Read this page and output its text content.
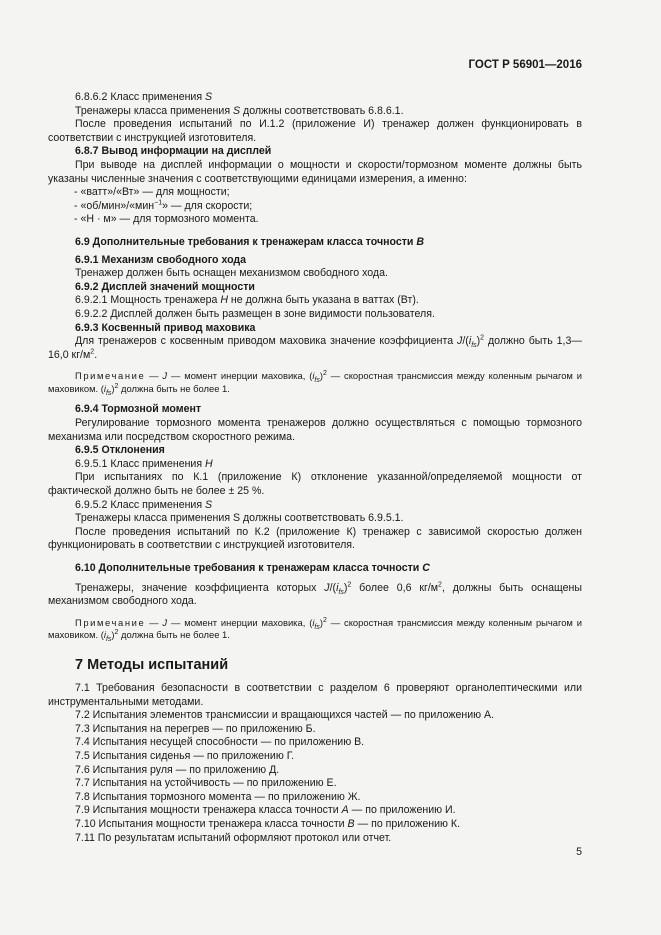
ГОСТ Р 56901—2016

6.8.6.2 Класс применения S

Тренажеры класса применения S должны соответствовать 6.8.6.1.

После проведения испытаний по И.1.2 (приложение И) тренажер должен функционировать в соответствии с инструкцией изготовителя.

6.8.7 Вывод информации на дисплей

При выводе на дисплей информации о мощности и скорости/тормозном моменте должны быть указаны численные значения с соответствующими единицами измерения, а именно:

- «ватт»/«Вт» — для мощности;

- «об/мин»/«мин$^{-1}$» — для скорости;

- «Н · м» — для тормозного момента.

6.9 Дополнительные требования к тренажерам класса точности B

6.9.1 Механизм свободного хода

Тренажер должен быть оснащен механизмом свободного хода.

6.9.2 Дисплей значений мощности

6.9.2.1 Мощность тренажера H не должна быть указана в ваттах (Вт).

6.9.2.2 Дисплей должен быть размещен в зоне видимости пользователя.

6.9.3 Косвенный привод маховика

Для тренажеров с косвенным приводом маховика значение коэффициента $J/(i_{fs})^2$ должно быть 1,3—16,0 $кг/м^2$.

Примечание — J — момент инерции маховика, $(i_{fs})^2$ — скоростная трансмиссия между коленным рычагом и маховиком. $(i_{fs})^2$ должна быть не более 1.

6.9.4 Тормозной момент

Регулирование тормозного момента тренажеров должно осуществляться с помощью тормозного механизма или посредством скоростного режима.

6.9.5 Отклонения

6.9.5.1 Класс применения H

При испытаниях по К.1 (приложение К) отклонение указанной/определяемой мощности от фактической должно быть не более ± 25 %.

6.9.5.2 Класс применения S

Тренажеры класса применения S должны соответствовать 6.9.5.1.

После проведения испытаний по К.2 (приложение К) тренажер с зависимой скоростью должен функционировать в соответствии с инструкцией изготовителя.

6.10 Дополнительные требования к тренажерам класса точности C

Тренажеры, значение коэффициента которых $J/(i_{fs})^2$ более 0,6 $кг/м^2$, должны быть оснащены механизмом свободного хода.

Примечание — J — момент инерции маховика, $(i_{fs})^2$ — скоростная трансмиссия между коленным рычагом и маховиком. $(i_{fs})^2$ должна быть не более 1.

7 Методы испытаний

7.1 Требования безопасности в соответствии с разделом 6 проверяют органолептическими или инструментальными методами.

7.2 Испытания элементов трансмиссии и вращающихся частей — по приложению А.

7.3 Испытания на перегрев — по приложению Б.

7.4 Испытания несущей способности — по приложению В.

7.5 Испытания сиденья — по приложению Г.

7.6 Испытания руля — по приложению Д.

7.7 Испытания на устойчивость — по приложению Е.

7.8 Испытания тормозного момента — по приложению Ж.

7.9 Испытания мощности тренажера класса точности A — по приложению И.

7.10 Испытания мощности тренажера класса точности B — по приложению К.

7.11 По результатам испытаний оформляют протокол или отчет.

5
